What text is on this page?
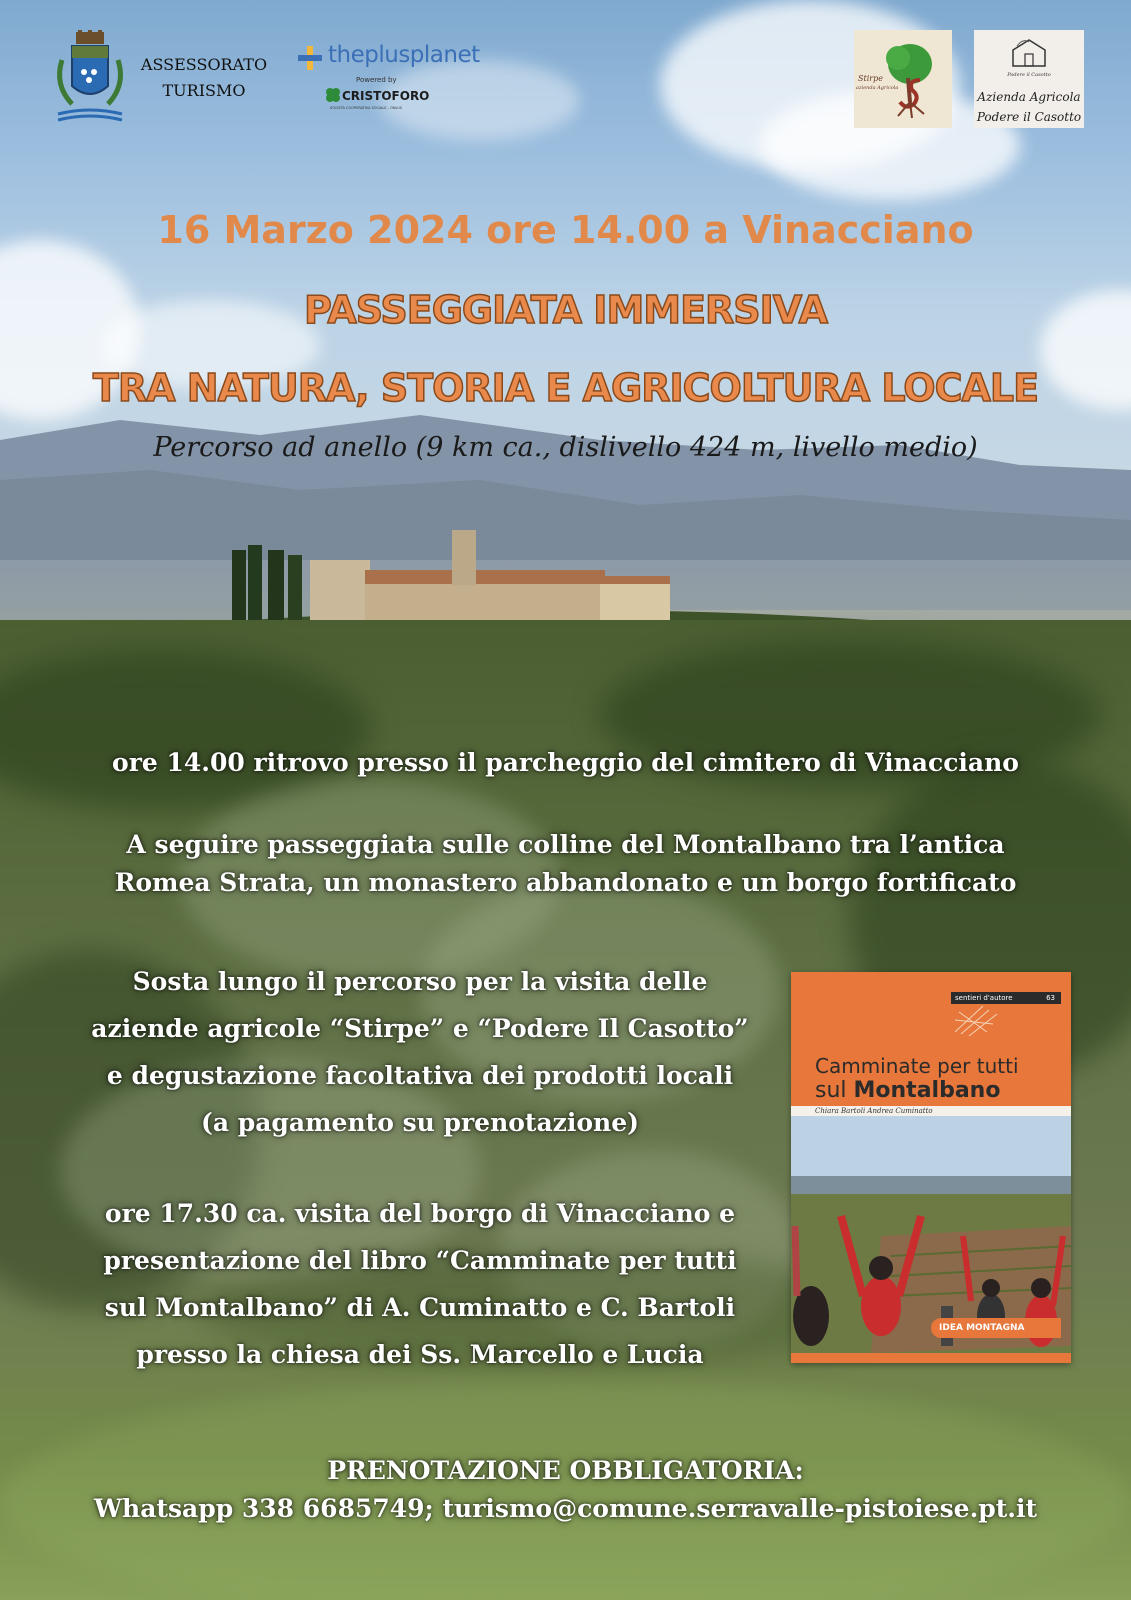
ASSESSORATO
TURISMO
theplusplanet
Powered by
CRISTOFORO
SOCIETÀ COOPERATIVA SOCIALE - ONLUS
Stirpe
azienda Agricola
Podere il Casotto
Azienda Agricola
Podere il Casotto
16 Marzo 2024 ore 14.00 a Vinacciano
PASSEGGIATA IMMERSIVA
TRA NATURA, STORIA E AGRICOLTURA LOCALE
Percorso ad anello (9 km ca., dislivello 424 m, livello medio)
ore 14.00 ritrovo presso il parcheggio del cimitero di Vinacciano
A seguire passeggiata sulle colline del Montalbano tra l’antica
Romea Strata, un monastero abbandonato e un borgo fortificato
Sosta lungo il percorso per la visita delle
aziende agricole “Stirpe” e “Podere Il Casotto”
e degustazione facoltativa dei prodotti locali
(a pagamento su prenotazione)
ore 17.30 ca. visita del borgo di Vinacciano e
presentazione del libro “Camminate per tutti
sul Montalbano” di A. Cuminatto e C. Bartoli
presso la chiesa dei Ss. Marcello e Lucia
sentieri d'autore	63
Camminate per tutti
sul Montalbano
Chiara Bartoli Andrea Cuminatto
IDEA MONTAGNA
PRENOTAZIONE OBBLIGATORIA:
Whatsapp 338 6685749; turismo@comune.serravalle-pistoiese.pt.it
